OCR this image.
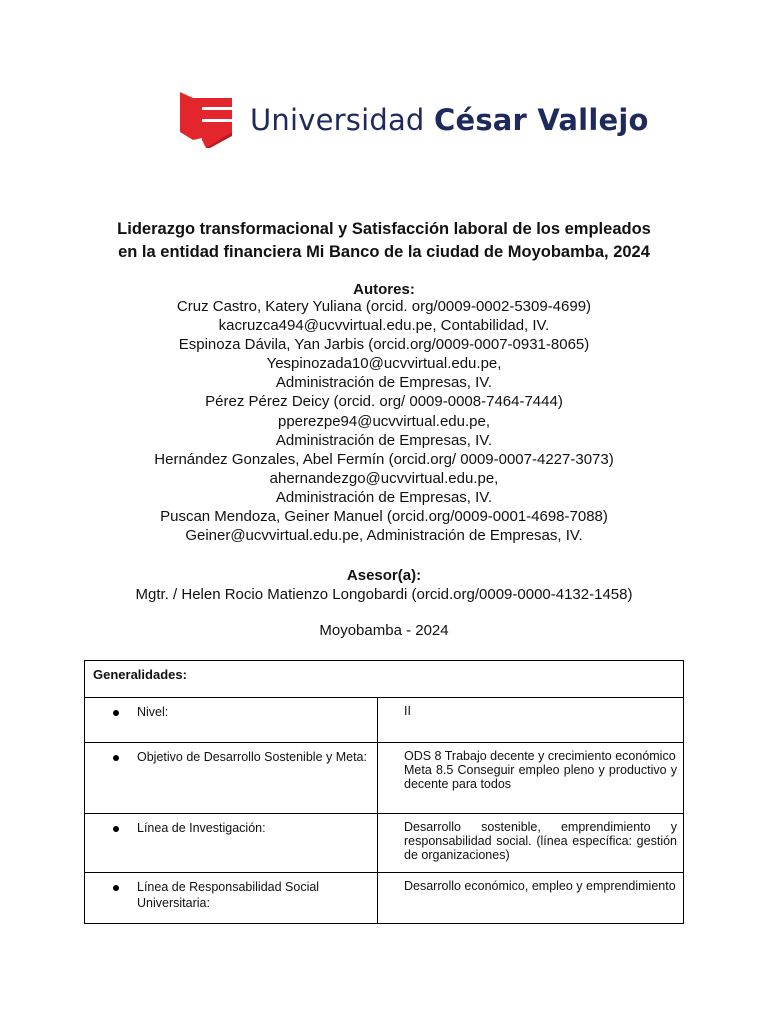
Universidad César Vallejo
Liderazgo transformacional y Satisfacción laboral de los empleados
en la entidad financiera Mi Banco de la ciudad de Moyobamba, 2024
Autores:
Cruz Castro, Katery Yuliana (orcid. org/0009-0002-5309-4699)
kacruzca494@ucvvirtual.edu.pe, Contabilidad, IV.
Espinoza Dávila, Yan Jarbis (orcid.org/0009-0007-0931-8065)
Yespinozada10@ucvvirtual.edu.pe,
Administración de Empresas, IV.
Pérez Pérez Deicy (orcid. org/ 0009-0008-7464-7444)
pperezpe94@ucvvirtual.edu.pe,
Administración de Empresas, IV.
Hernández Gonzales, Abel Fermín (orcid.org/ 0009-0007-4227-3073)
ahernandezgo@ucvvirtual.edu.pe,
Administración de Empresas, IV.
Puscan Mendoza, Geiner Manuel (orcid.org/0009-0001-4698-7088)
Geiner@ucvvirtual.edu.pe, Administración de Empresas, IV.
Asesor(a):
Mgtr. / Helen Rocio Matienzo Longobardi (orcid.org/0009-0000-4132-1458)
Moyobamba - 2024
Generalidades:	

Nivel:	II

Objetivo de Desarrollo Sostenible y Meta:	ODS 8 Trabajo decente y crecimiento económico
Meta 8.5 Conseguir empleo pleno y productivo y decente para todos

Línea de Investigación:	Desarrollo sostenible, emprendimiento y responsabilidad social. (línea específica: gestión de organizaciones)

Línea de Responsabilidad Social Universitaria:	Desarrollo económico, empleo y emprendimiento
